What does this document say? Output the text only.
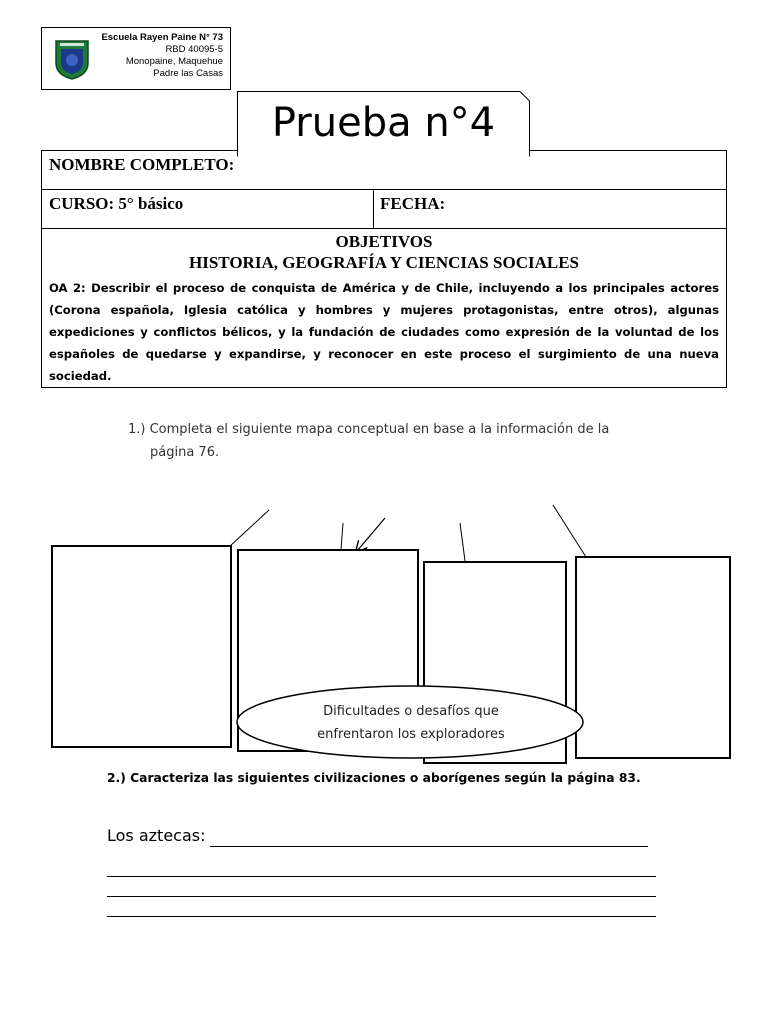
Escuela Rayen Paine N° 73
RBD 40095-5
Monopaine, Maquehue
Padre las Casas
Prueba n°4
NOMBRE COMPLETO:
CURSO: 5° básico	FECHA:
OBJETIVOS
HISTORIA, GEOGRAFÍA Y CIENCIAS SOCIALES
OA 2: Describir el proceso de conquista de América y de Chile, incluyendo a los principales actores (Corona española, Iglesia católica y hombres y mujeres protagonistas, entre otros), algunas expediciones y conflictos bélicos, y la fundación de ciudades como expresión de la voluntad de los españoles de quedarse y expandirse, y reconocer en este proceso el surgimiento de una nueva sociedad.
1.) Completa el siguiente mapa conceptual en base a la información de la
página 76.
Dificultades o desafíos que
enfrentaron los exploradores
2.) Caracteriza las siguientes civilizaciones o aborígenes según la página 83.
Los aztecas:
